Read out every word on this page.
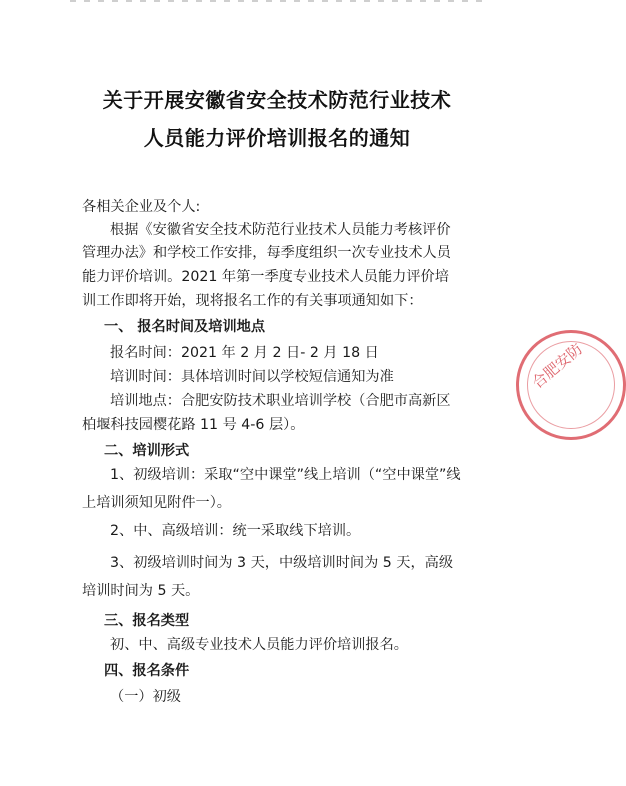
关于开展安徽省安全技术防范行业技术
人员能力评价培训报名的通知
各相关企业及个人:
根据《安徽省安全技术防范行业技术人员能力考核评价
管理办法》和学校工作安排，每季度组织一次专业技术人员
能力评价培训。2021 年第一季度专业技术人员能力评价培
训工作即将开始，现将报名工作的有关事项通知如下：
一、 报名时间及培训地点
报名时间：2021 年 2 月 2 日- 2 月 18 日
培训时间：具体培训时间以学校短信通知为准
培训地点：合肥安防技术职业培训学校（合肥市高新区
柏堰科技园樱花路 11 号 4-6 层）。
二、培训形式
1、初级培训：采取“空中课堂”线上培训（“空中课堂”线
上培训须知见附件一）。
2、中、高级培训：统一采取线下培训。
3、初级培训时间为 3 天，中级培训时间为 5 天，高级
培训时间为 5 天。
三、报名类型
初、中、高级专业技术人员能力评价培训报名。
四、报名条件
（一）初级
合肥安防
